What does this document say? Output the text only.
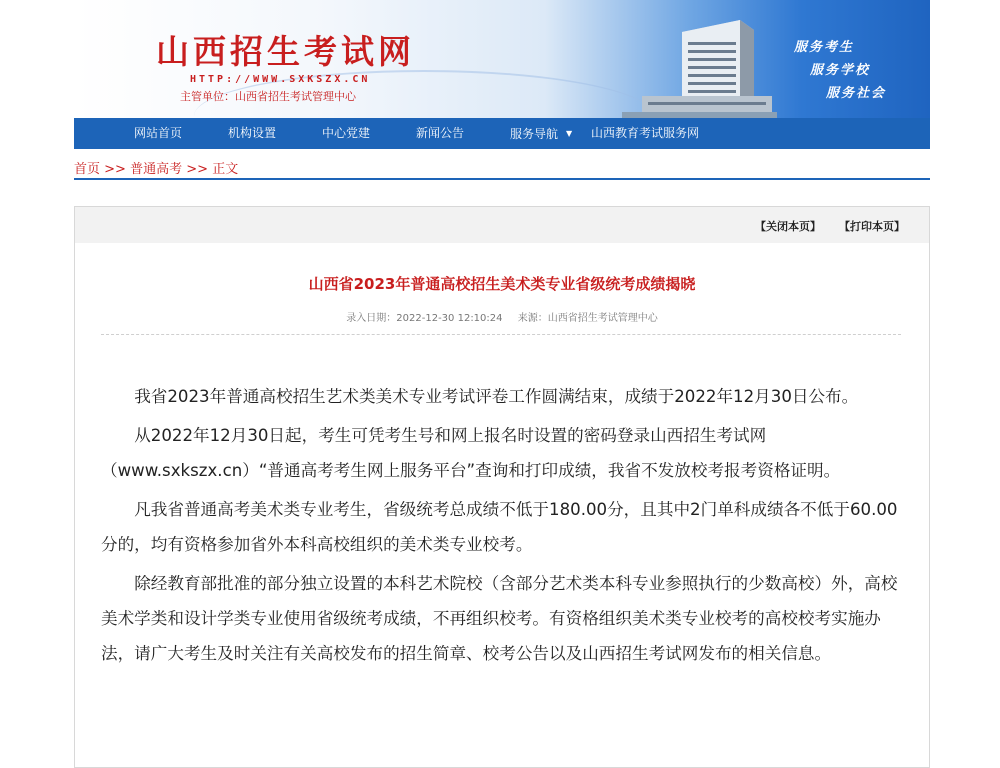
山西招生考试网
HTTP://WWW.SXKSZX.CN
主管单位：山西省招生考试管理中心
服务考生
服务学校
服务社会
网站首页	机构设置	中心党建	新闻公告	服务导航 ▼ 山西教育考试服务网
首页 >> 普通高考 >> 正文
【关闭本页】 【打印本页】
山西省2023年普通高校招生美术类专业省级统考成绩揭晓
录入日期：2022-12-30 12:10:24 来源：山西省招生考试管理中心

我省2023年普通高校招生艺术类美术专业考试评卷工作圆满结束，成绩于2022年12月30日公布。

从2022年12月30日起，考生可凭考生号和网上报名时设置的密码登录山西招生考试网（www.sxkszx.cn）“普通高考考生网上服务平台”查询和打印成绩，我省不发放校考报考资格证明。

凡我省普通高考美术类专业考生，省级统考总成绩不低于180.00分，且其中2门单科成绩各不低于60.00分的，均有资格参加省外本科高校组织的美术类专业校考。

除经教育部批准的部分独立设置的本科艺术院校（含部分艺术类本科专业参照执行的少数高校）外，高校美术学类和设计学类专业使用省级统考成绩，不再组织校考。有资格组织美术类专业校考的高校校考实施办法，请广大考生及时关注有关高校发布的招生简章、校考公告以及山西招生考试网发布的相关信息。
